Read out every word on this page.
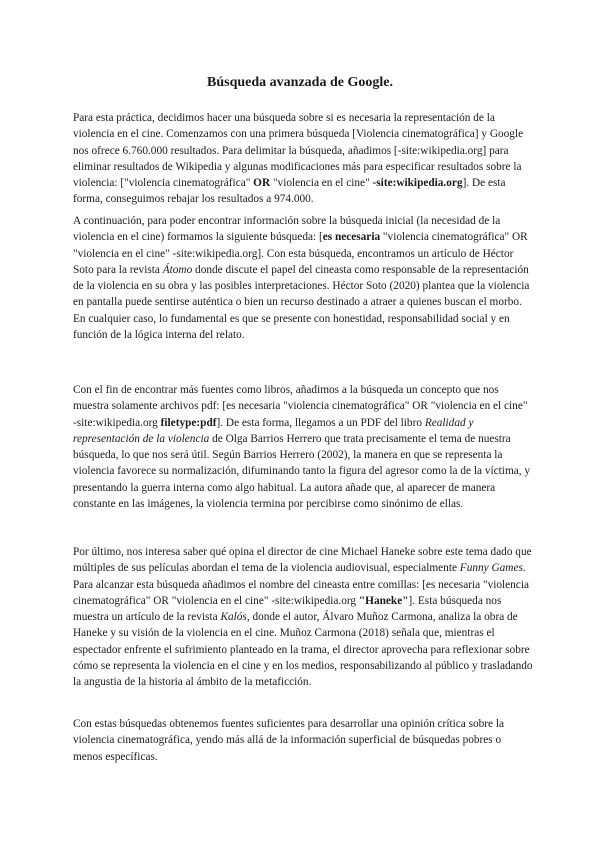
Búsqueda avanzada de Google.
Para esta práctica, decidimos hacer una búsqueda sobre si es necesaria la representación de la violencia en el cine. Comenzamos con una primera búsqueda [Violencia cinematográfica] y Google nos ofrece 6.760.000 resultados. Para delimitar la búsqueda, añadimos [-site:wikipedia.org] para eliminar resultados de Wikipedia y algunas modificaciones más para especificar resultados sobre la violencia: ["violencia cinematográfica" OR "violencia en el cine" -site:wikipedia.org]. De esta forma, conseguimos rebajar los resultados a 974.000.
A continuación, para poder encontrar información sobre la búsqueda inicial (la necesidad de la violencia en el cine) formamos la siguiente búsqueda: [es necesaria "violencia cinematográfica" OR "violencia en el cine" -site:wikipedia.org]. Con esta búsqueda, encontramos un artículo de Héctor Soto para la revista Átomo donde discute el papel del cineasta como responsable de la representación de la violencia en su obra y las posibles interpretaciones. Héctor Soto (2020) plantea que la violencia en pantalla puede sentirse auténtica o bien un recurso destinado a atraer a quienes buscan el morbo. En cualquier caso, lo fundamental es que se presente con honestidad, responsabilidad social y en función de la lógica interna del relato.
Con el fin de encontrar más fuentes como libros, añadimos a la búsqueda un concepto que nos muestra solamente archivos pdf: [es necesaria "violencia cinematográfica" OR "violencia en el cine" -site:wikipedia.org filetype:pdf]. De esta forma, llegamos a un PDF del libro Realidad y representación de la violencia de Olga Barrios Herrero que trata precisamente el tema de nuestra búsqueda, lo que nos será útil. Según Barrios Herrero (2002), la manera en que se representa la violencia favorece su normalización, difuminando tanto la figura del agresor como la de la víctima, y presentando la guerra interna como algo habitual. La autora añade que, al aparecer de manera constante en las imágenes, la violencia termina por percibirse como sinónimo de ellas.
Por último, nos interesa saber qué opina el director de cine Michael Haneke sobre este tema dado que múltiples de sus películas abordan el tema de la violencia audiovisual, especialmente Funny Games. Para alcanzar esta búsqueda añadimos el nombre del cineasta entre comillas: [es necesaria "violencia cinematográfica" OR "violencia en el cine" -site:wikipedia.org "Haneke"]. Esta búsqueda nos muestra un artículo de la revista Kalós, donde el autor, Álvaro Muñoz Carmona, analiza la obra de Haneke y su visión de la violencia en el cine. Muñoz Carmona (2018) señala que, mientras el espectador enfrente el sufrimiento planteado en la trama, el director aprovecha para reflexionar sobre cómo se representa la violencia en el cine y en los medios, responsabilizando al público y trasladando la angustia de la historia al ámbito de la metaficción.
Con estas búsquedas obtenemos fuentes suficientes para desarrollar una opinión crítica sobre la violencia cinematográfica, yendo más allá de la información superficial de búsquedas pobres o menos específicas.
